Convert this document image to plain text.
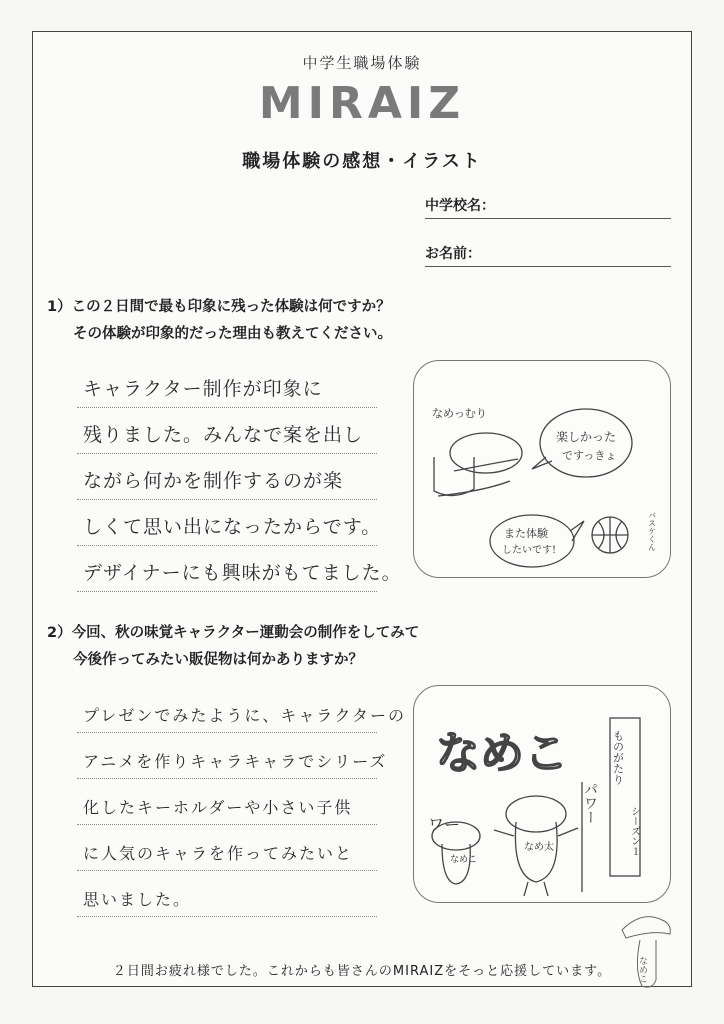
中学生職場体験
MIRAIZ
職場体験の感想・イラスト
中学校名：
お名前：
1）この２日間で最も印象に残った体験は何ですか？
その体験が印象的だった理由も教えてください。
キャラクター制作が印象に
残りました。みんなで案を出し
ながら何かを制作するのが楽
しくて思い出になったからです。
デザイナーにも興味がもてました。
なめっむり
楽しかった
ですっきょ
また体験
したいです!	バスケくん
2）今回、秋の味覚キャラクター運動会の制作をしてみて
今後作ってみたい販促物は何かありますか？
プレゼンでみたように、キャラクターの
アニメを作りキャラキャラでシリーズ
化したキーホルダーや小さい子供
に人気のキャラを作ってみたいと
思いました。
なめこ	ものがたり
シーズン１
パワー
ワー
なめこ
なめ太
２日間お疲れ様でした。これからも皆さんのMIRAIZをそっと応援しています。	なめこ
